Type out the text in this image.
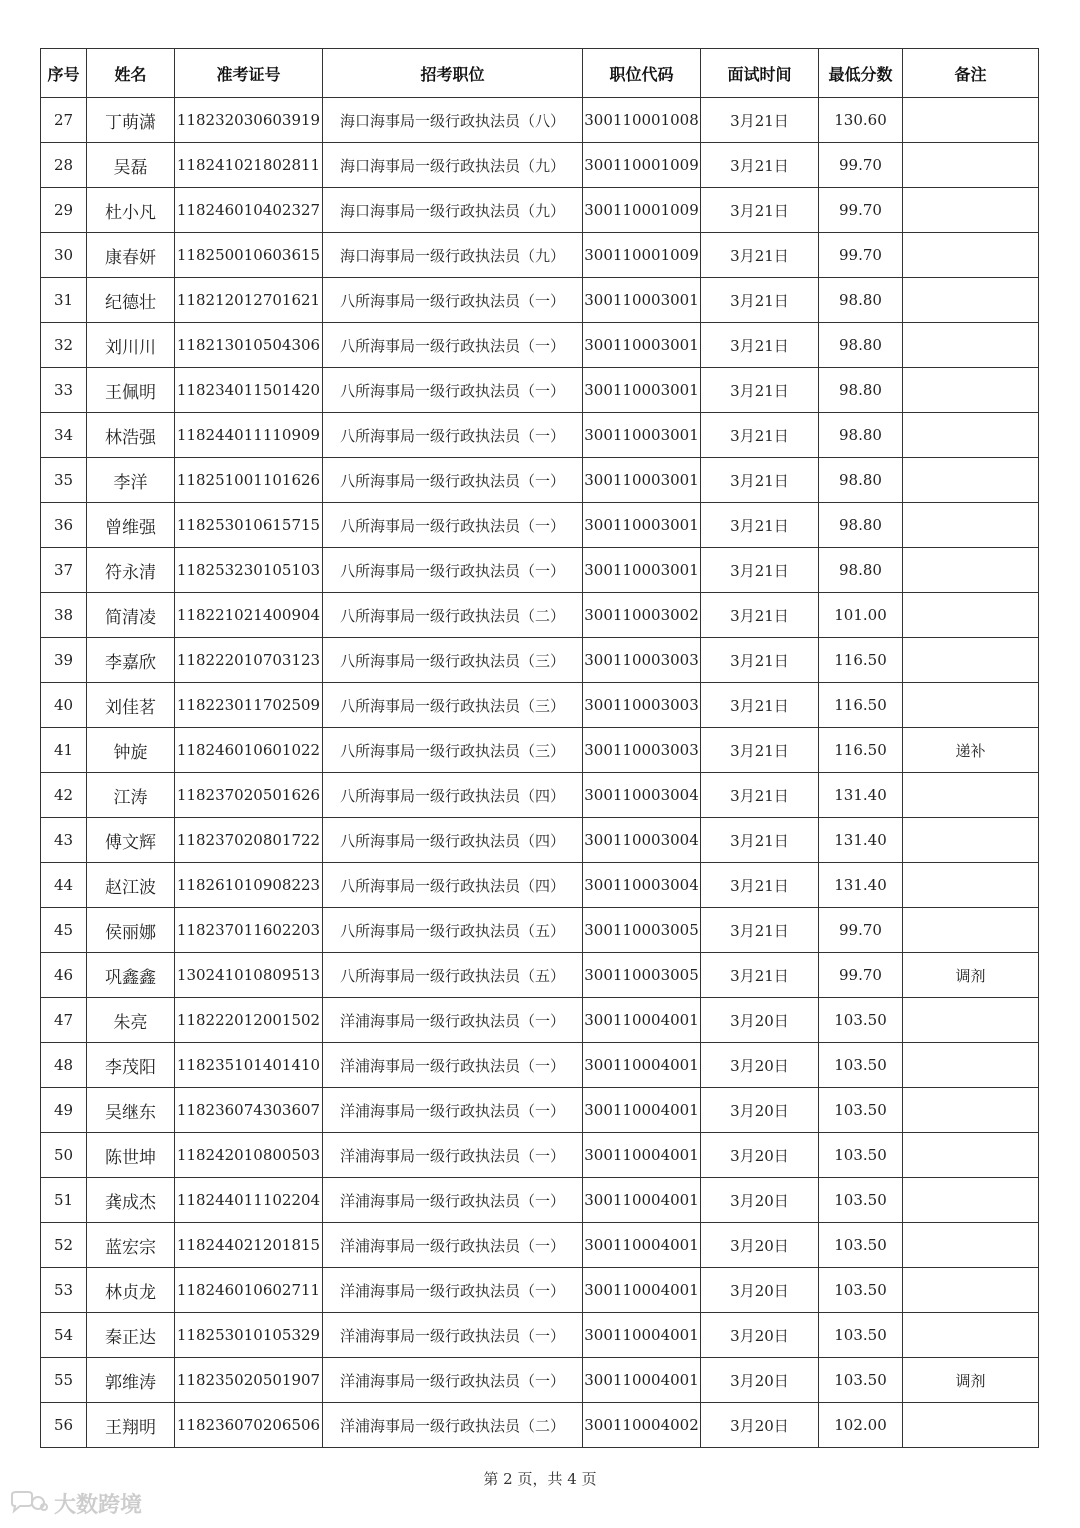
序号	姓名	准考证号	招考职位	职位代码	面试时间	最低分数	备注
27	丁萌潇	118232030603919	海口海事局一级行政执法员（八）	300110001008	3月21日	130.60	
28	吴磊	118241021802811	海口海事局一级行政执法员（九）	300110001009	3月21日	99.70	
29	杜小凡	118246010402327	海口海事局一级行政执法员（九）	300110001009	3月21日	99.70	
30	康春妍	118250010603615	海口海事局一级行政执法员（九）	300110001009	3月21日	99.70	
31	纪德壮	118212012701621	八所海事局一级行政执法员（一）	300110003001	3月21日	98.80	
32	刘川川	118213010504306	八所海事局一级行政执法员（一）	300110003001	3月21日	98.80	
33	王佩明	118234011501420	八所海事局一级行政执法员（一）	300110003001	3月21日	98.80	
34	林浩强	118244011110909	八所海事局一级行政执法员（一）	300110003001	3月21日	98.80	
35	李洋	118251001101626	八所海事局一级行政执法员（一）	300110003001	3月21日	98.80	
36	曾维强	118253010615715	八所海事局一级行政执法员（一）	300110003001	3月21日	98.80	
37	符永清	118253230105103	八所海事局一级行政执法员（一）	300110003001	3月21日	98.80	
38	简清凌	118221021400904	八所海事局一级行政执法员（二）	300110003002	3月21日	101.00	
39	李嘉欣	118222010703123	八所海事局一级行政执法员（三）	300110003003	3月21日	116.50	
40	刘佳茗	118223011702509	八所海事局一级行政执法员（三）	300110003003	3月21日	116.50	
41	钟旋	118246010601022	八所海事局一级行政执法员（三）	300110003003	3月21日	116.50	递补
42	江涛	118237020501626	八所海事局一级行政执法员（四）	300110003004	3月21日	131.40	
43	傅文辉	118237020801722	八所海事局一级行政执法员（四）	300110003004	3月21日	131.40	
44	赵江波	118261010908223	八所海事局一级行政执法员（四）	300110003004	3月21日	131.40	
45	侯丽娜	118237011602203	八所海事局一级行政执法员（五）	300110003005	3月21日	99.70	
46	巩鑫鑫	130241010809513	八所海事局一级行政执法员（五）	300110003005	3月21日	99.70	调剂
47	朱亮	118222012001502	洋浦海事局一级行政执法员（一）	300110004001	3月20日	103.50	
48	李茂阳	118235101401410	洋浦海事局一级行政执法员（一）	300110004001	3月20日	103.50	
49	吴继东	118236074303607	洋浦海事局一级行政执法员（一）	300110004001	3月20日	103.50	
50	陈世坤	118242010800503	洋浦海事局一级行政执法员（一）	300110004001	3月20日	103.50	
51	龚成杰	118244011102204	洋浦海事局一级行政执法员（一）	300110004001	3月20日	103.50	
52	蓝宏宗	118244021201815	洋浦海事局一级行政执法员（一）	300110004001	3月20日	103.50	
53	林贞龙	118246010602711	洋浦海事局一级行政执法员（一）	300110004001	3月20日	103.50	
54	秦正达	118253010105329	洋浦海事局一级行政执法员（一）	300110004001	3月20日	103.50	
55	郭维涛	118235020501907	洋浦海事局一级行政执法员（一）	300110004001	3月20日	103.50	调剂
56	王翔明	118236070206506	洋浦海事局一级行政执法员（二）	300110004002	3月20日	102.00	
第 2 页，共 4 页
大数跨境
